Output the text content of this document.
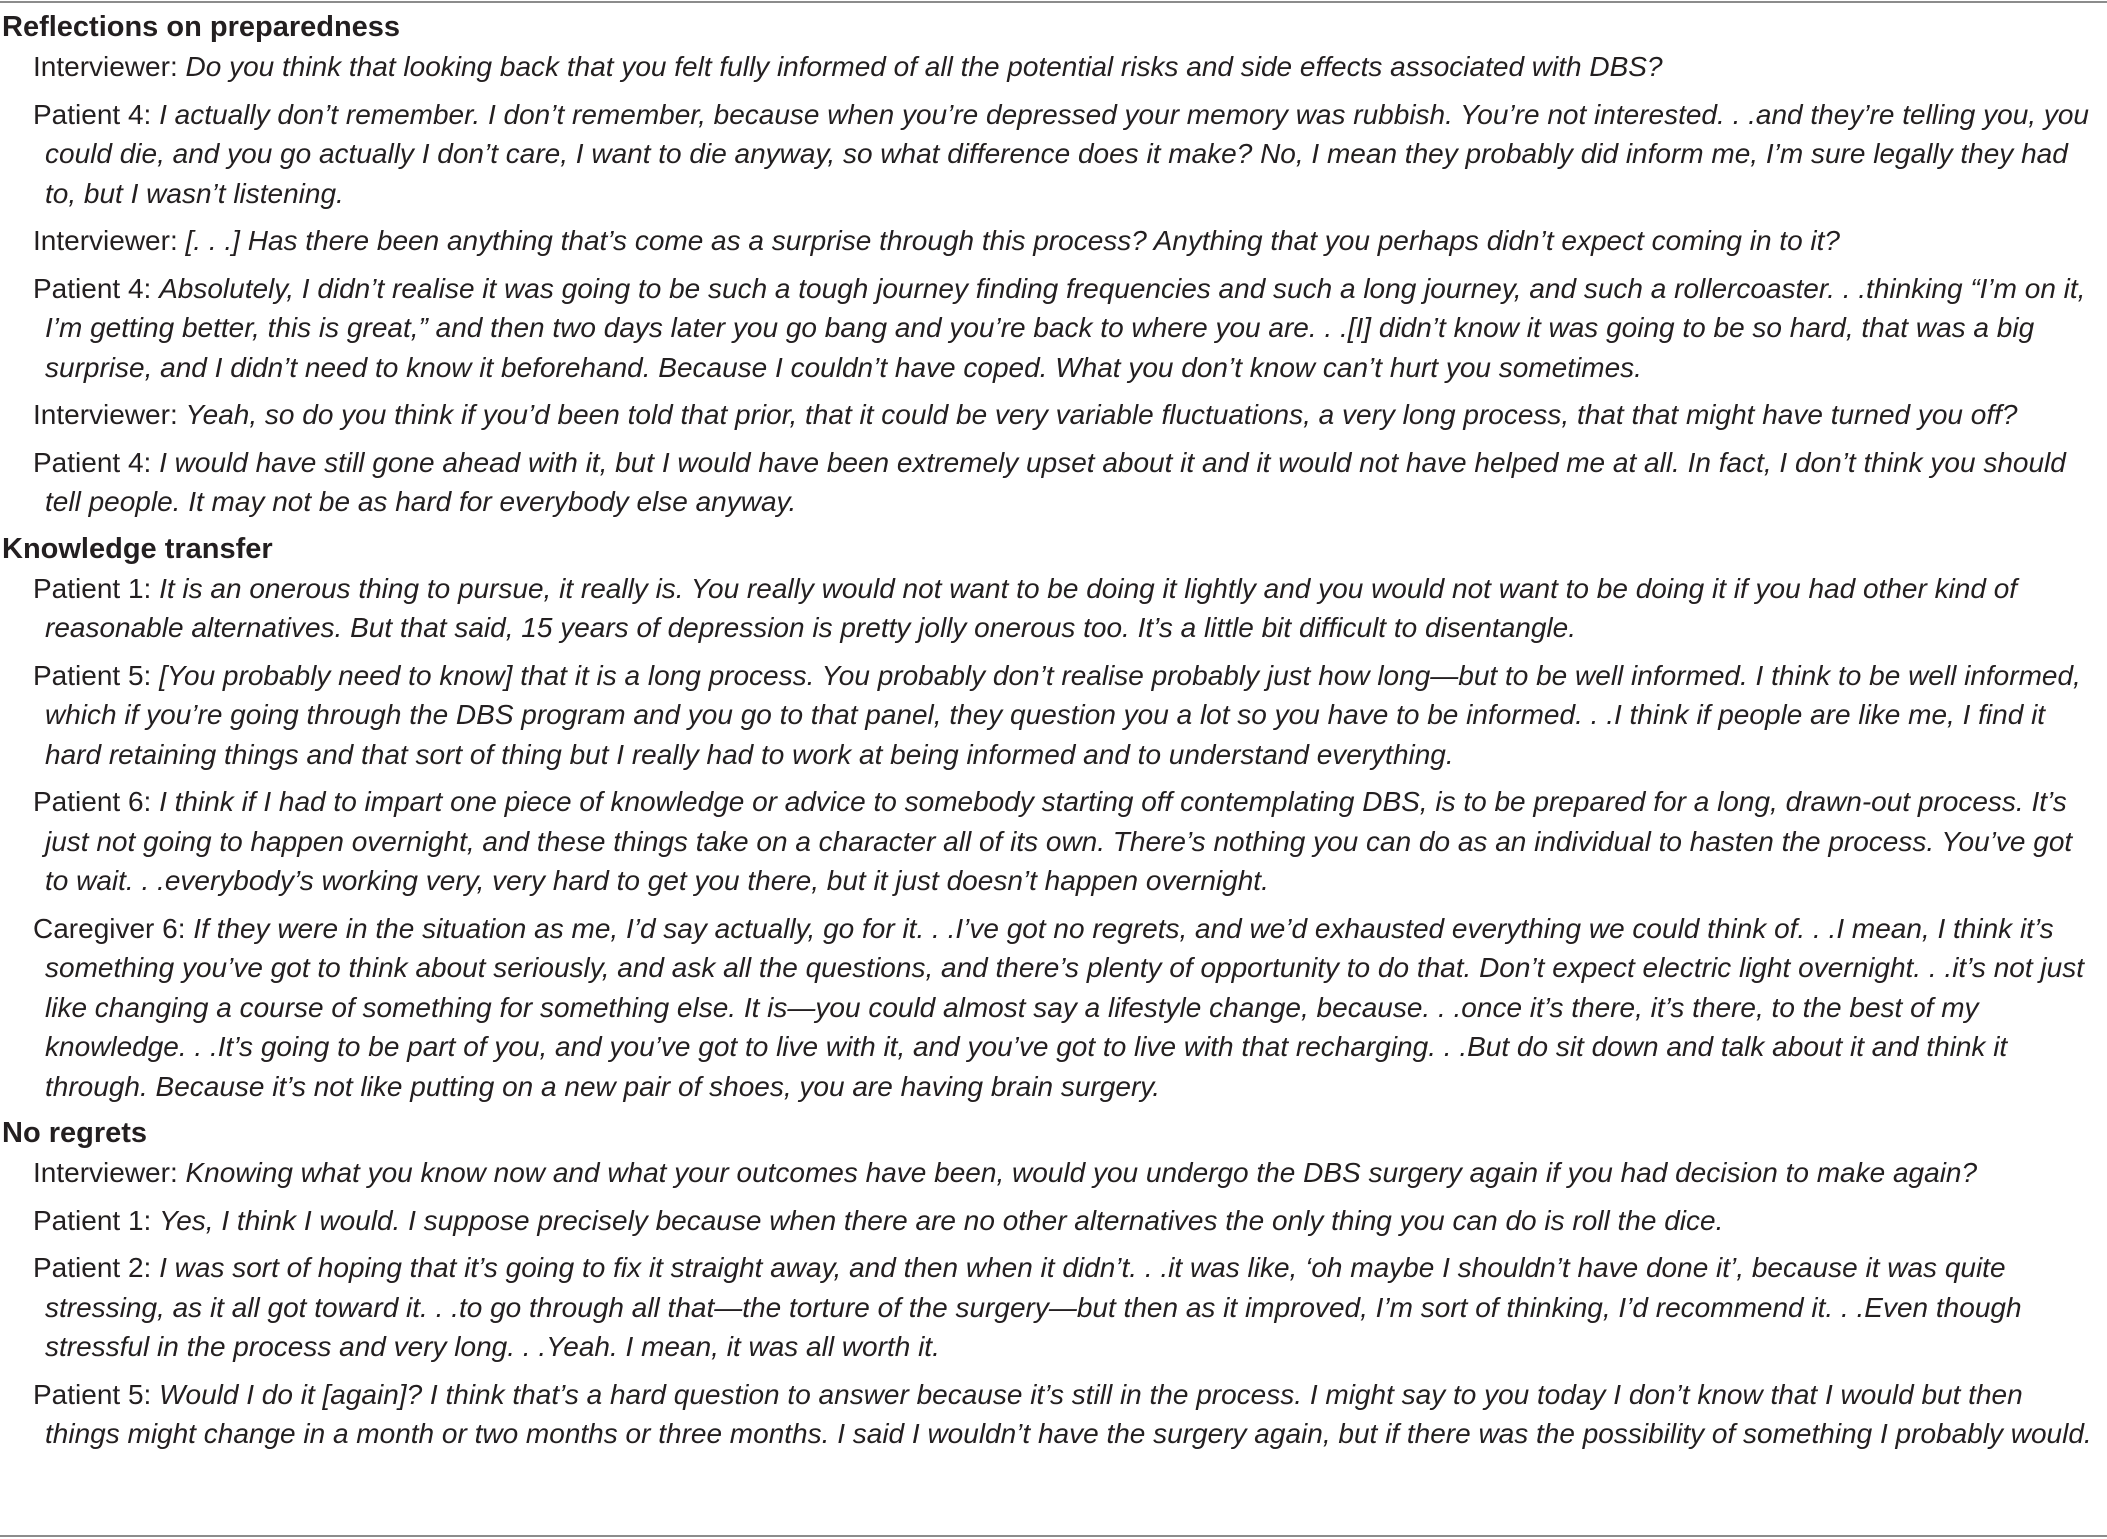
Reflections on preparedness
Interviewer: Do you think that looking back that you felt fully informed of all the potential risks and side effects associated with DBS?
Patient 4: I actually don’t remember. I don’t remember, because when you’re depressed your memory was rubbish. You’re not interested. . .and they’re telling you, you could die, and you go actually I don’t care, I want to die anyway, so what difference does it make? No, I mean they probably did inform me, I’m sure legally they had to, but I wasn’t listening.
Interviewer: [. . .] Has there been anything that’s come as a surprise through this process? Anything that you perhaps didn’t expect coming in to it?
Patient 4: Absolutely, I didn’t realise it was going to be such a tough journey finding frequencies and such a long journey, and such a rollercoaster. . .thinking “I’m on it, I’m getting better, this is great,” and then two days later you go bang and you’re back to where you are. . .[I] didn’t know it was going to be so hard, that was a big surprise, and I didn’t need to know it beforehand. Because I couldn’t have coped. What you don’t know can’t hurt you sometimes.
Interviewer: Yeah, so do you think if you’d been told that prior, that it could be very variable fluctuations, a very long process, that that might have turned you off?
Patient 4: I would have still gone ahead with it, but I would have been extremely upset about it and it would not have helped me at all. In fact, I don’t think you should tell people. It may not be as hard for everybody else anyway.
Knowledge transfer
Patient 1: It is an onerous thing to pursue, it really is. You really would not want to be doing it lightly and you would not want to be doing it if you had other kind of reasonable alternatives. But that said, 15 years of depression is pretty jolly onerous too. It’s a little bit difficult to disentangle.
Patient 5: [You probably need to know] that it is a long process. You probably don’t realise probably just how long—but to be well informed. I think to be well informed, which if you’re going through the DBS program and you go to that panel, they question you a lot so you have to be informed. . .I think if people are like me, I find it hard retaining things and that sort of thing but I really had to work at being informed and to understand everything.
Patient 6: I think if I had to impart one piece of knowledge or advice to somebody starting off contemplating DBS, is to be prepared for a long, drawn-out process. It’s just not going to happen overnight, and these things take on a character all of its own. There’s nothing you can do as an individual to hasten the process. You’ve got to wait. . .everybody’s working very, very hard to get you there, but it just doesn’t happen overnight.
Caregiver 6: If they were in the situation as me, I’d say actually, go for it. . .I’ve got no regrets, and we’d exhausted everything we could think of. . .I mean, I think it’s something you’ve got to think about seriously, and ask all the questions, and there’s plenty of opportunity to do that. Don’t expect electric light overnight. . .it’s not just like changing a course of something for something else. It is—you could almost say a lifestyle change, because. . .once it’s there, it’s there, to the best of my knowledge. . .It’s going to be part of you, and you’ve got to live with it, and you’ve got to live with that recharging. . .But do sit down and talk about it and think it through. Because it’s not like putting on a new pair of shoes, you are having brain surgery.
No regrets
Interviewer: Knowing what you know now and what your outcomes have been, would you undergo the DBS surgery again if you had decision to make again?
Patient 1: Yes, I think I would. I suppose precisely because when there are no other alternatives the only thing you can do is roll the dice.
Patient 2: I was sort of hoping that it’s going to fix it straight away, and then when it didn’t. . .it was like, ‘oh maybe I shouldn’t have done it’, because it was quite stressing, as it all got toward it. . .to go through all that—the torture of the surgery—but then as it improved, I’m sort of thinking, I’d recommend it. . .Even though stressful in the process and very long. . .Yeah. I mean, it was all worth it.
Patient 5: Would I do it [again]? I think that’s a hard question to answer because it’s still in the process. I might say to you today I don’t know that I would but then things might change in a month or two months or three months. I said I wouldn’t have the surgery again, but if there was the possibility of something I probably would.
